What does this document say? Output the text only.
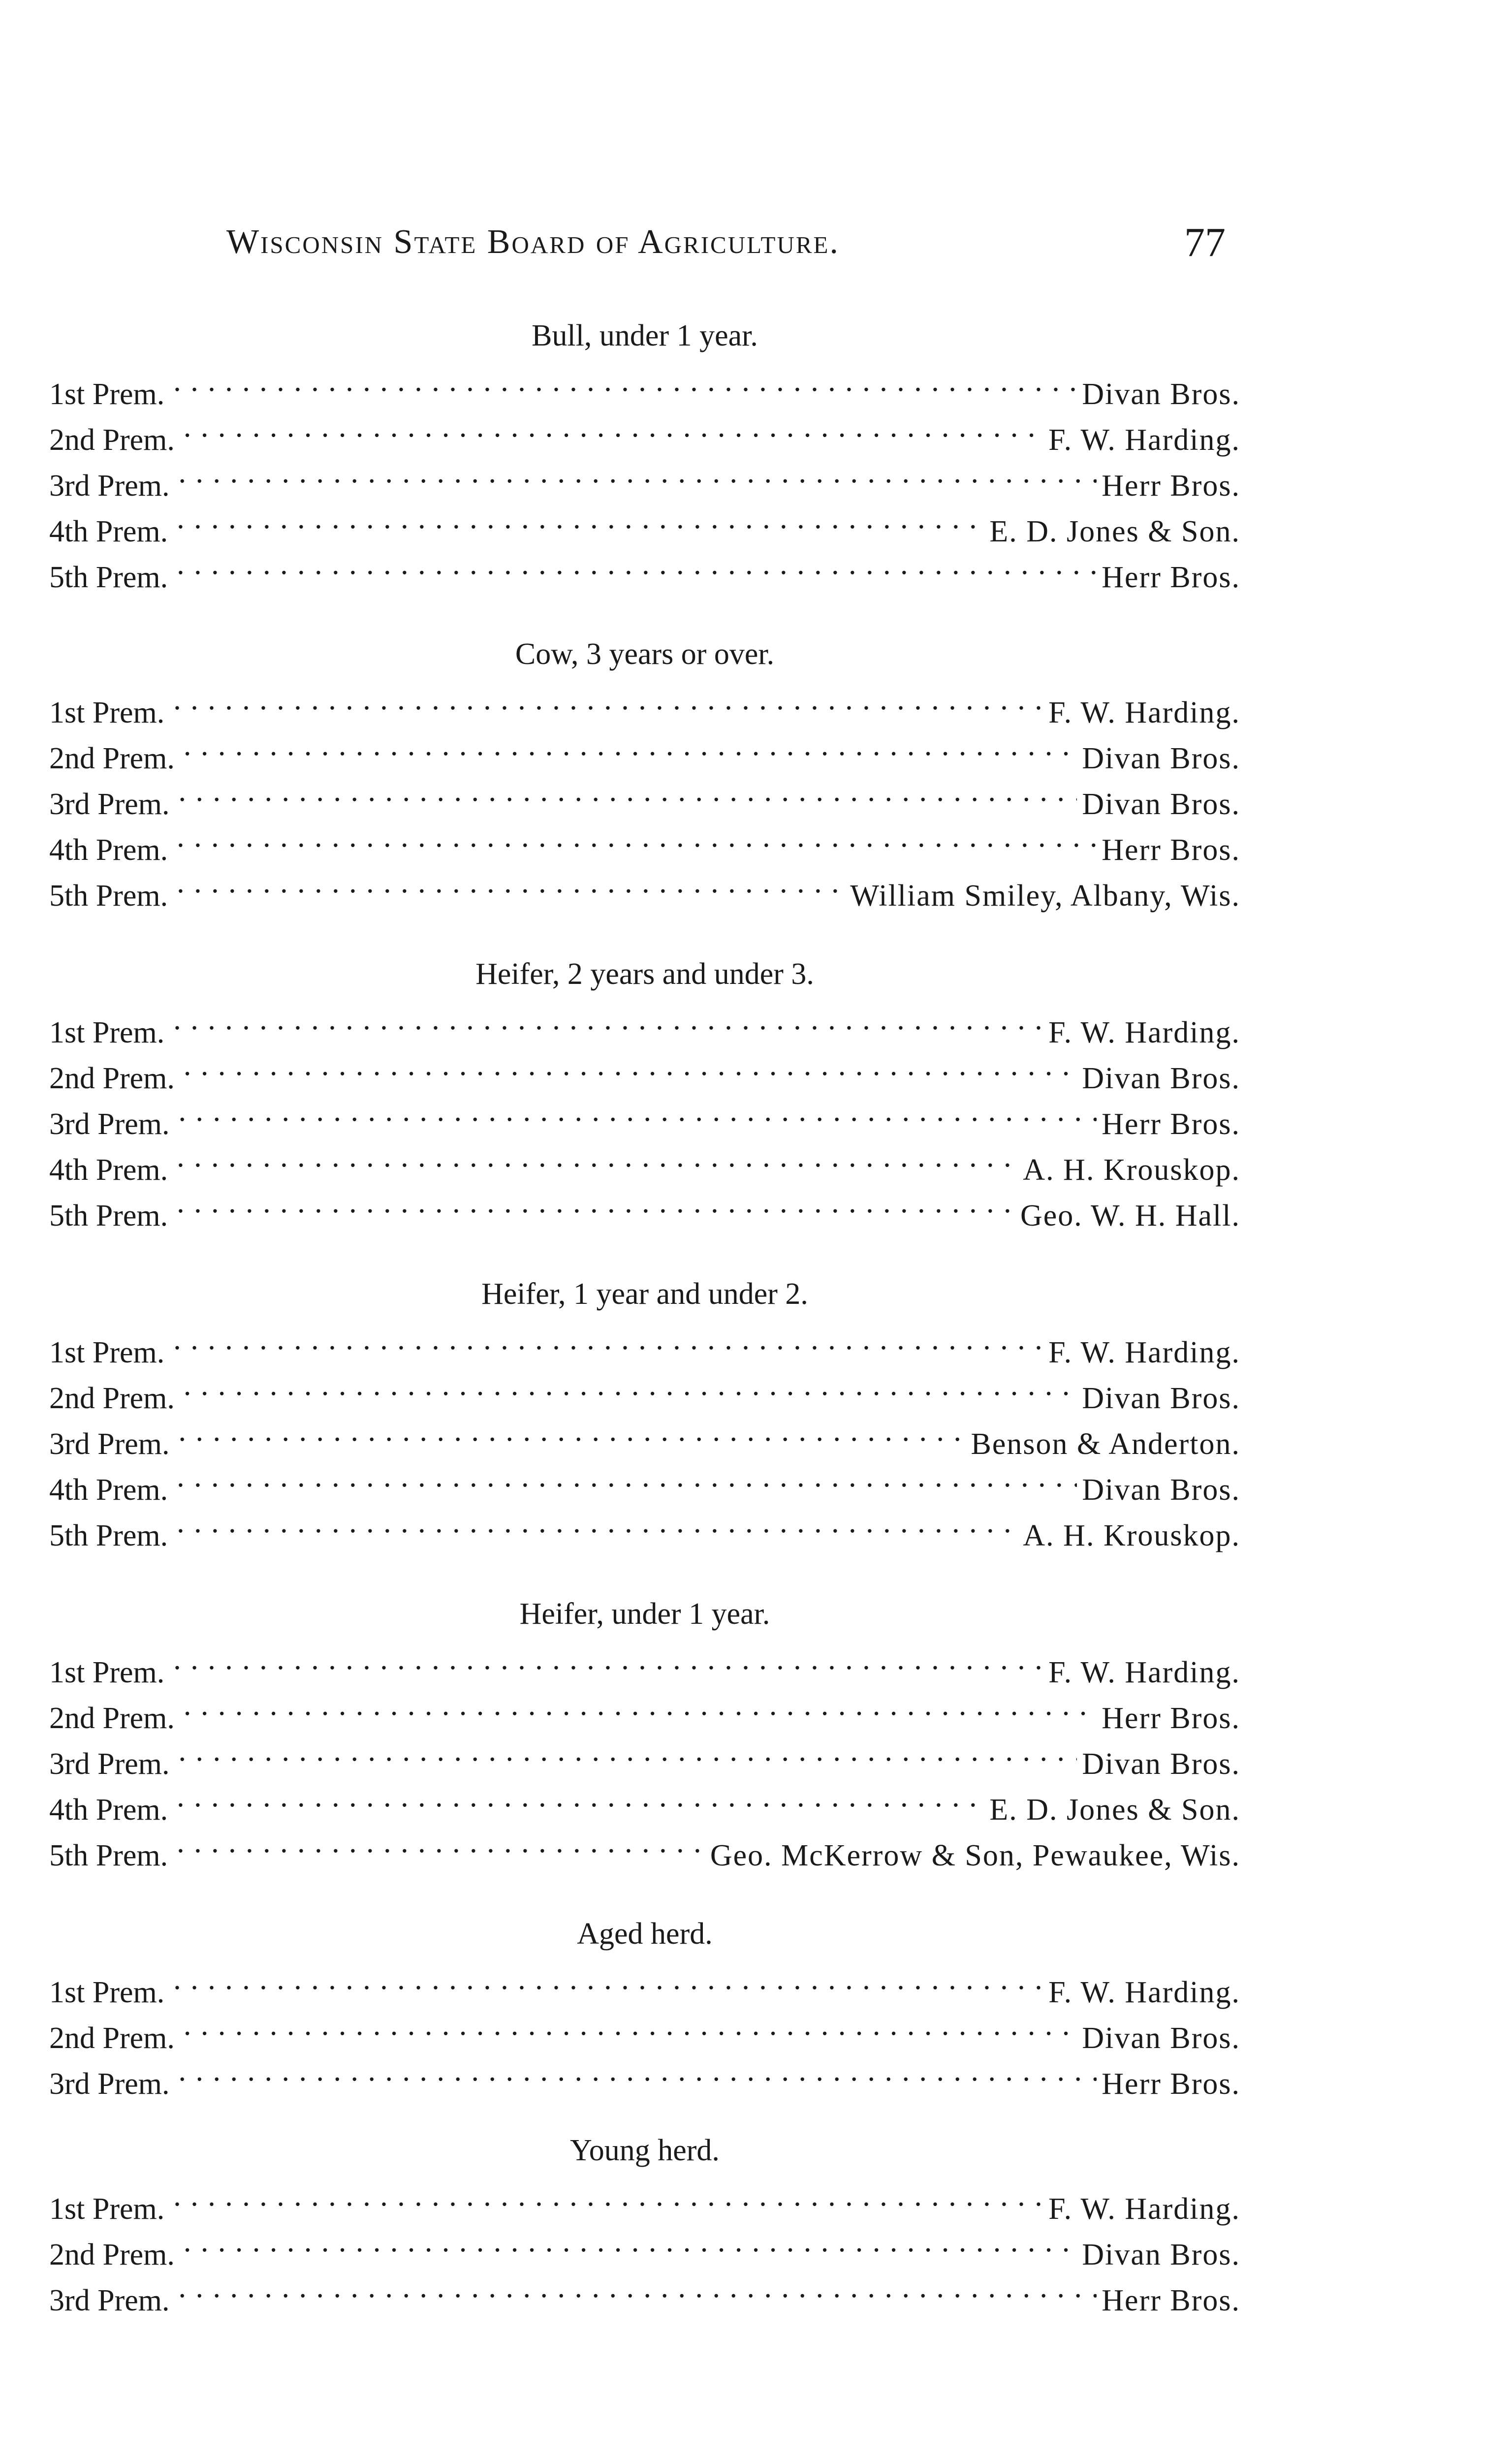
Wisconsin State Board of Agriculture.	77
Bull, under 1 year.
1st Prem. . . .	Divan Bros.
2nd Prem. . . .	F. W. Harding.
3rd Prem. . . .	Herr Bros.
4th Prem. . . .	E. D. Jones & Son.
5th Prem. . . .	Herr Bros.
Cow, 3 years or over.
1st Prem. . . .	F. W. Harding.
2nd Prem. . . .	Divan Bros.
3rd Prem. . . .	Divan Bros.
4th Prem. . . .	Herr Bros.
5th Prem. . . .	William Smiley, Albany, Wis.
Heifer, 2 years and under 3.
1st Prem. . . .	F. W. Harding.
2nd Prem. . . .	Divan Bros.
3rd Prem. . . .	Herr Bros.
4th Prem. . . .	A. H. Krouskop.
5th Prem. . . .	Geo. W. H. Hall.
Heifer, 1 year and under 2.
1st Prem. . . .	F. W. Harding.
2nd Prem. . . .	Divan Bros.
3rd Prem. . . .	Benson & Anderton.
4th Prem. . . .	Divan Bros.
5th Prem. . . .	A. H. Krouskop.
Heifer, under 1 year.
1st Prem. . . .	F. W. Harding.
2nd Prem. . . .	Herr Bros.
3rd Prem. . . .	Divan Bros.
4th Prem. . . .	E. D. Jones & Son.
5th Prem. . . .	Geo. McKerrow & Son, Pewaukee, Wis.
Aged herd.
1st Prem. . . .	F. W. Harding.
2nd Prem. . . .	Divan Bros.
3rd Prem. . . .	Herr Bros.
Young herd.
1st Prem. . . .	F. W. Harding.
2nd Prem. . . .	Divan Bros.
3rd Prem. . . .	Herr Bros.
